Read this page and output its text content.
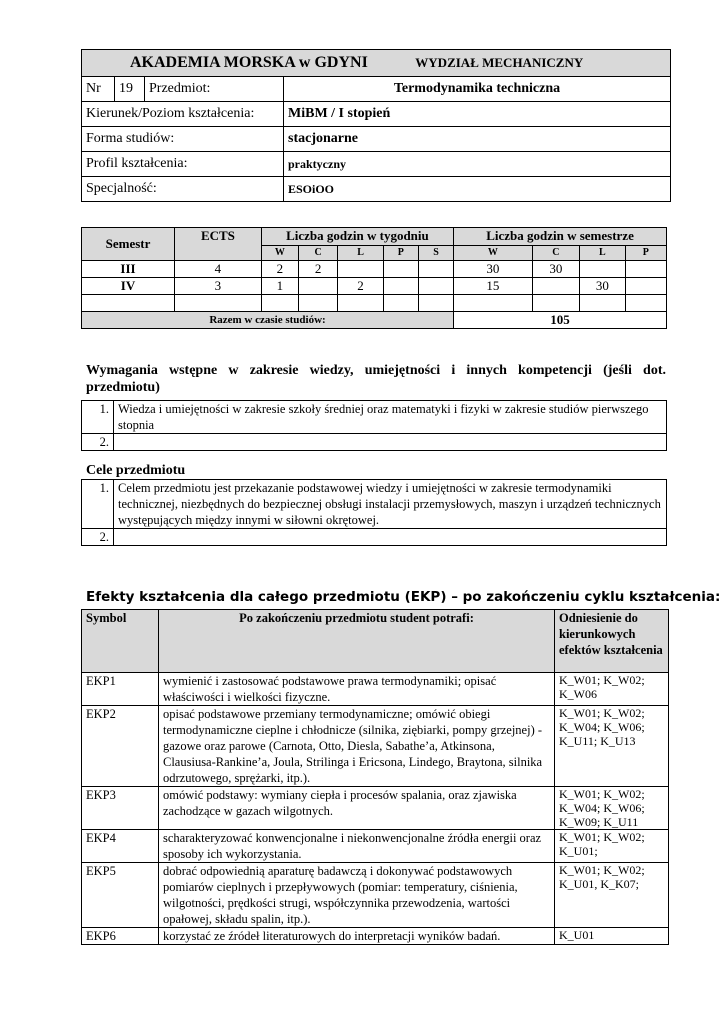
AKADEMIA MORSKA w GDYNI WYDZIAŁ MECHANICZNY			
Nr	19	Przedmiot:	Termodynamika techniczna
Kierunek/Poziom kształcenia:			MiBM / I stopień
Forma studiów:			stacjonarne
Profil kształcenia:			praktyczny
Specjalność:			ESOiOO
Semestr	ECTS	Liczba godzin w tygodniu					Liczba godzin w semestrze			
		W	C	L	P	S	W	C	L	P
III	4	2	2				30	30		
IV	3	1		2			15		30	

Razem w czasie studiów:							105			
Wymagania wstępne w zakresie wiedzy, umiejętności i innych kompetencji (jeśli dot. przedmiotu)
1.	Wiedza i umiejętności w zakresie szkoły średniej oraz matematyki i fizyki w zakresie studiów pierwszego stopnia
2.	
Cele przedmiotu
1.	Celem przedmiotu jest przekazanie podstawowej wiedzy i umiejętności w zakresie termodynamiki technicznej, niezbędnych do bezpiecznej obsługi instalacji przemysłowych, maszyn i urządzeń technicznych występujących między innymi w siłowni okrętowej.
2.	
Efekty kształcenia dla całego przedmiotu (EKP) – po zakończeniu cyklu kształcenia:
Symbol	Po zakończeniu przedmiotu student potrafi:	Odniesienie do kierunkowych efektów kształcenia
EKP1	wymienić i zastosować podstawowe prawa termodynamiki; opisać właściwości i wielkości fizyczne.	K_W01; K_W02; K_W06
EKP2	opisać podstawowe przemiany termodynamiczne; omówić obiegi termodynamiczne cieplne i chłodnicze (silnika, ziębiarki, pompy grzejnej) - gazowe oraz parowe (Carnota, Otto, Diesla, Sabathe’a, Atkinsona, Clausiusa-Rankine’a, Joula, Strilinga i Ericsona, Lindego, Braytona, silnika odrzutowego, sprężarki, itp.).	K_W01; K_W02; K_W04; K_W06; K_U11; K_U13
EKP3	omówić podstawy: wymiany ciepła i procesów spalania, oraz zjawiska zachodzące w gazach wilgotnych.	K_W01; K_W02; K_W04; K_W06; K_W09; K_U11
EKP4	scharakteryzować konwencjonalne i niekonwencjonalne źródła energii oraz sposoby ich wykorzystania.	K_W01; K_W02; K_U01;
EKP5	dobrać odpowiednią aparaturę badawczą i dokonywać podstawowych pomiarów cieplnych i przepływowych (pomiar: temperatury, ciśnienia, wilgotności, prędkości strugi, współczynnika przewodzenia, wartości opałowej, składu spalin, itp.).	K_W01; K_W02; K_U01, K_K07;
EKP6	korzystać ze źródeł literaturowych do interpretacji wyników badań.	K_U01
